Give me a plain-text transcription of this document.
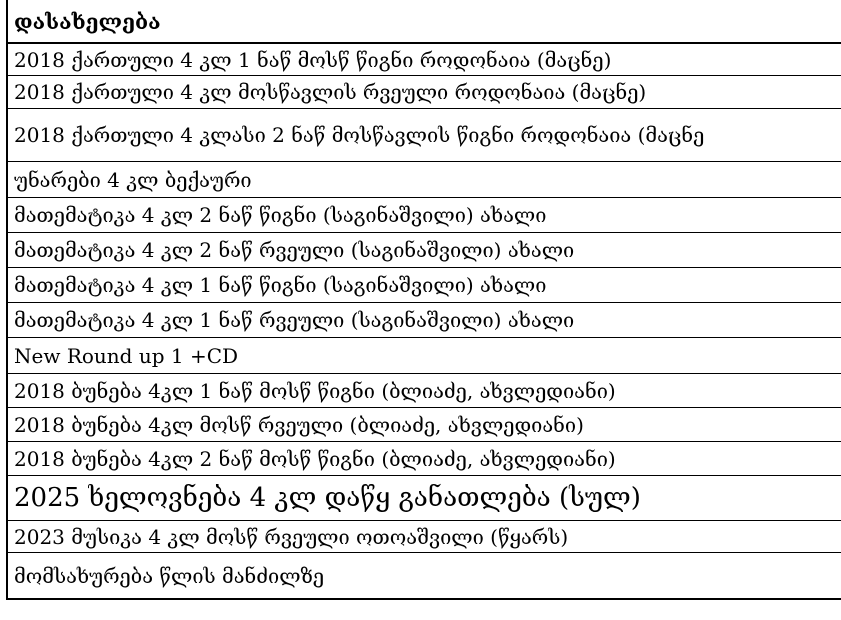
დასახელება
2018 ქართული 4 კლ 1 ნაწ მოსწ წიგნი როდონაია (მაცნე)
2018 ქართული 4 კლ მოსწავლის რვეული როდონაია (მაცნე)
2018 ქართული 4 კლასი 2 ნაწ მოსწავლის წიგნი როდონაია (მაცნე
უნარები 4 კლ ბექაური
მათემატიკა 4 კლ 2 ნაწ წიგნი (საგინაშვილი) ახალი
მათემატიკა 4 კლ 2 ნაწ რვეული (საგინაშვილი) ახალი
მათემატიკა 4 კლ 1 ნაწ წიგნი (საგინაშვილი) ახალი
მათემატიკა 4 კლ 1 ნაწ რვეული (საგინაშვილი) ახალი
New Round up 1 +CD
2018 ბუნება 4კლ 1 ნაწ მოსწ წიგნი (ბლიაძე, ახვლედიანი)
2018 ბუნება 4კლ მოსწ რვეული (ბლიაძე, ახვლედიანი)
2018 ბუნება 4კლ 2 ნაწ მოსწ წიგნი (ბლიაძე, ახვლედიანი)
2025 ხელოვნება 4 კლ დაწყ განათლება (სულ)
2023 მუსიკა 4 კლ მოსწ რვეული ოთოაშვილი (წყარს)
მომსახურება წლის მანძილზე
